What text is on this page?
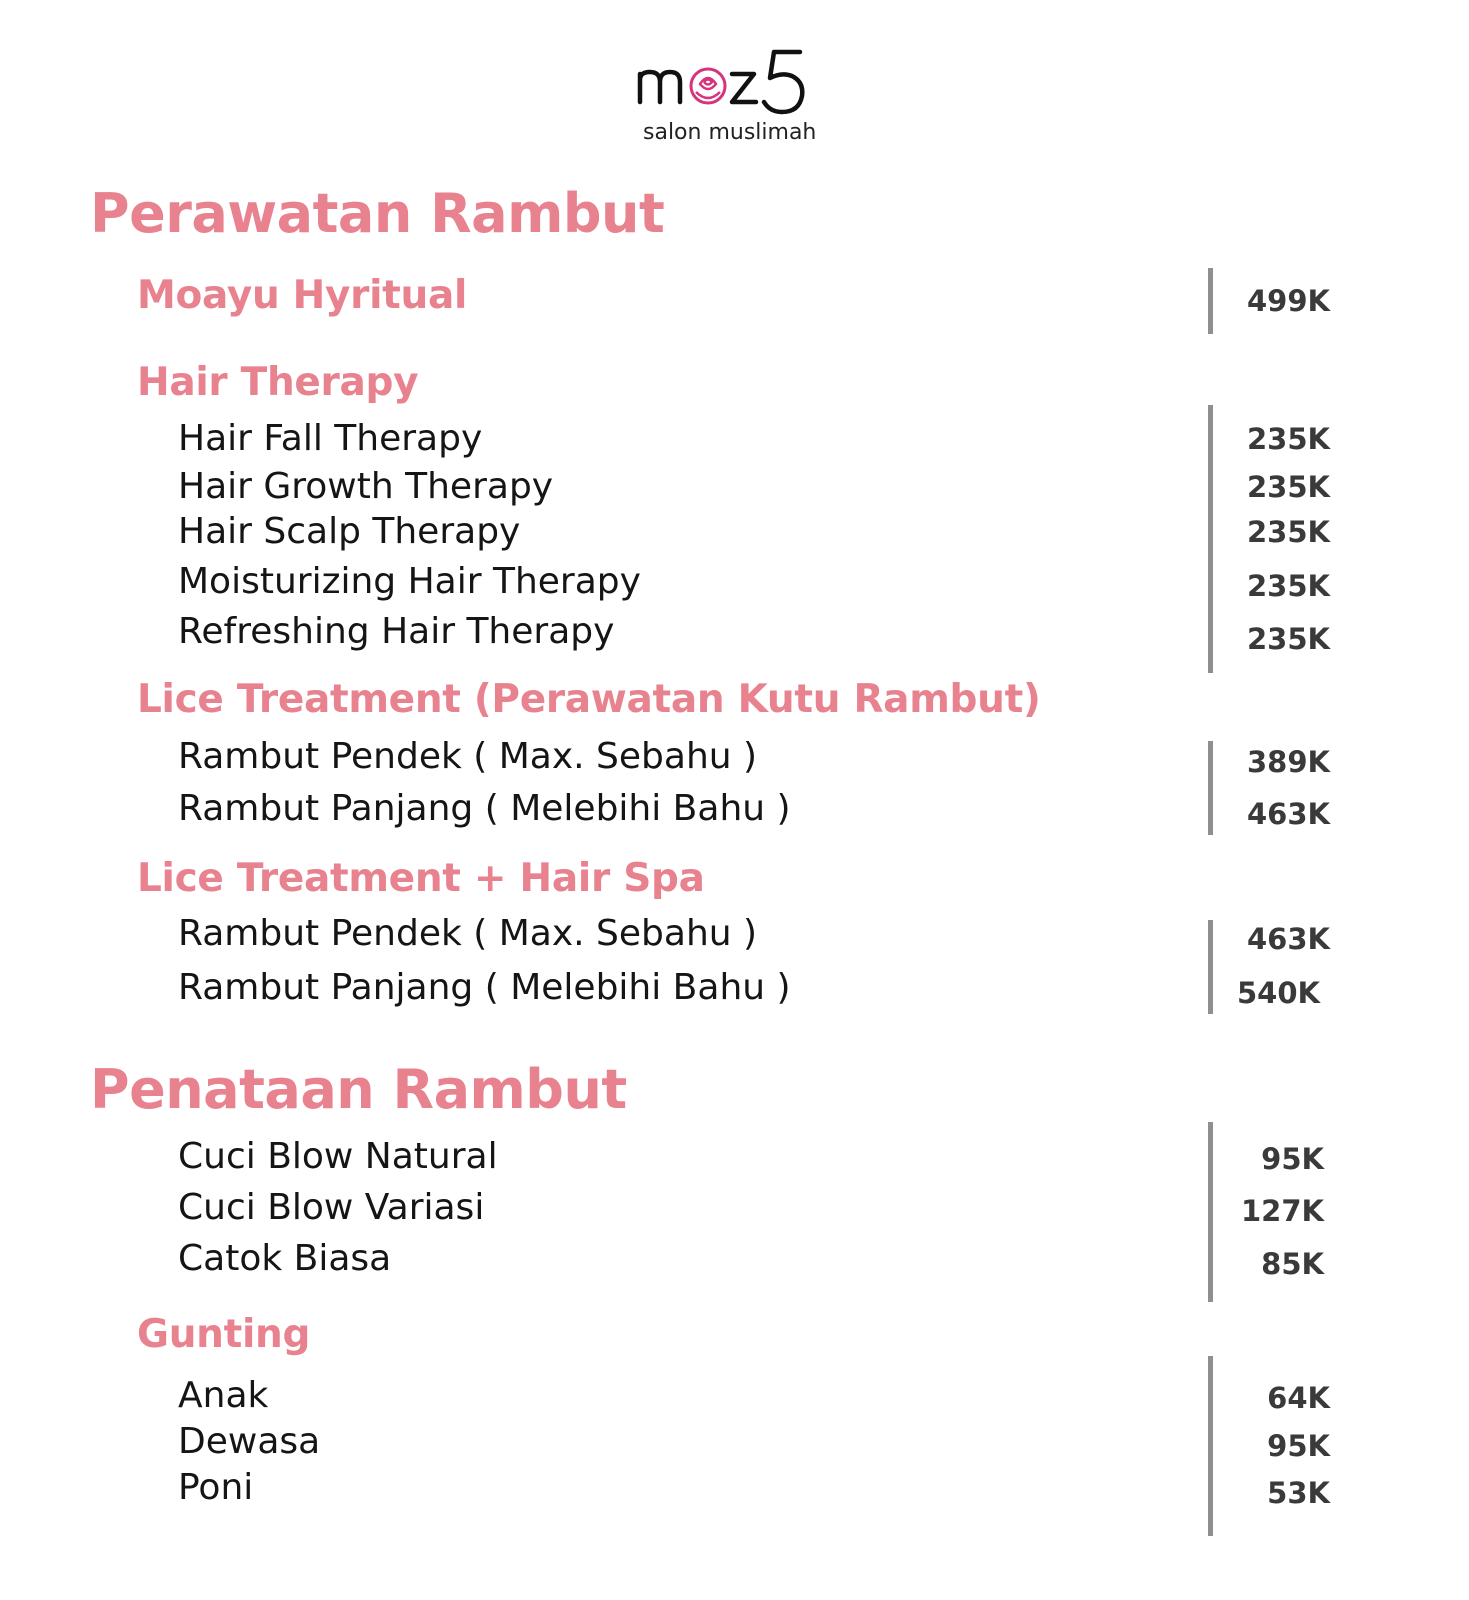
salon muslimah
Perawatan Rambut
Moayu Hyritual	499K
Hair Therapy
Hair Fall Therapy	235K
Hair Growth Therapy	235K
Hair Scalp Therapy	235K
Moisturizing Hair Therapy	235K
Refreshing Hair Therapy	235K
Lice Treatment (Perawatan Kutu Rambut)
Rambut Pendek ( Max. Sebahu )	389K
Rambut Panjang ( Melebihi Bahu )	463K
Lice Treatment + Hair Spa
Rambut Pendek ( Max. Sebahu )	463K
Rambut Panjang ( Melebihi Bahu )	540K
Penataan Rambut
Cuci Blow Natural	95K
Cuci Blow Variasi	127K
Catok Biasa	85K
Gunting
Anak	64K
Dewasa	95K
Poni	53K
